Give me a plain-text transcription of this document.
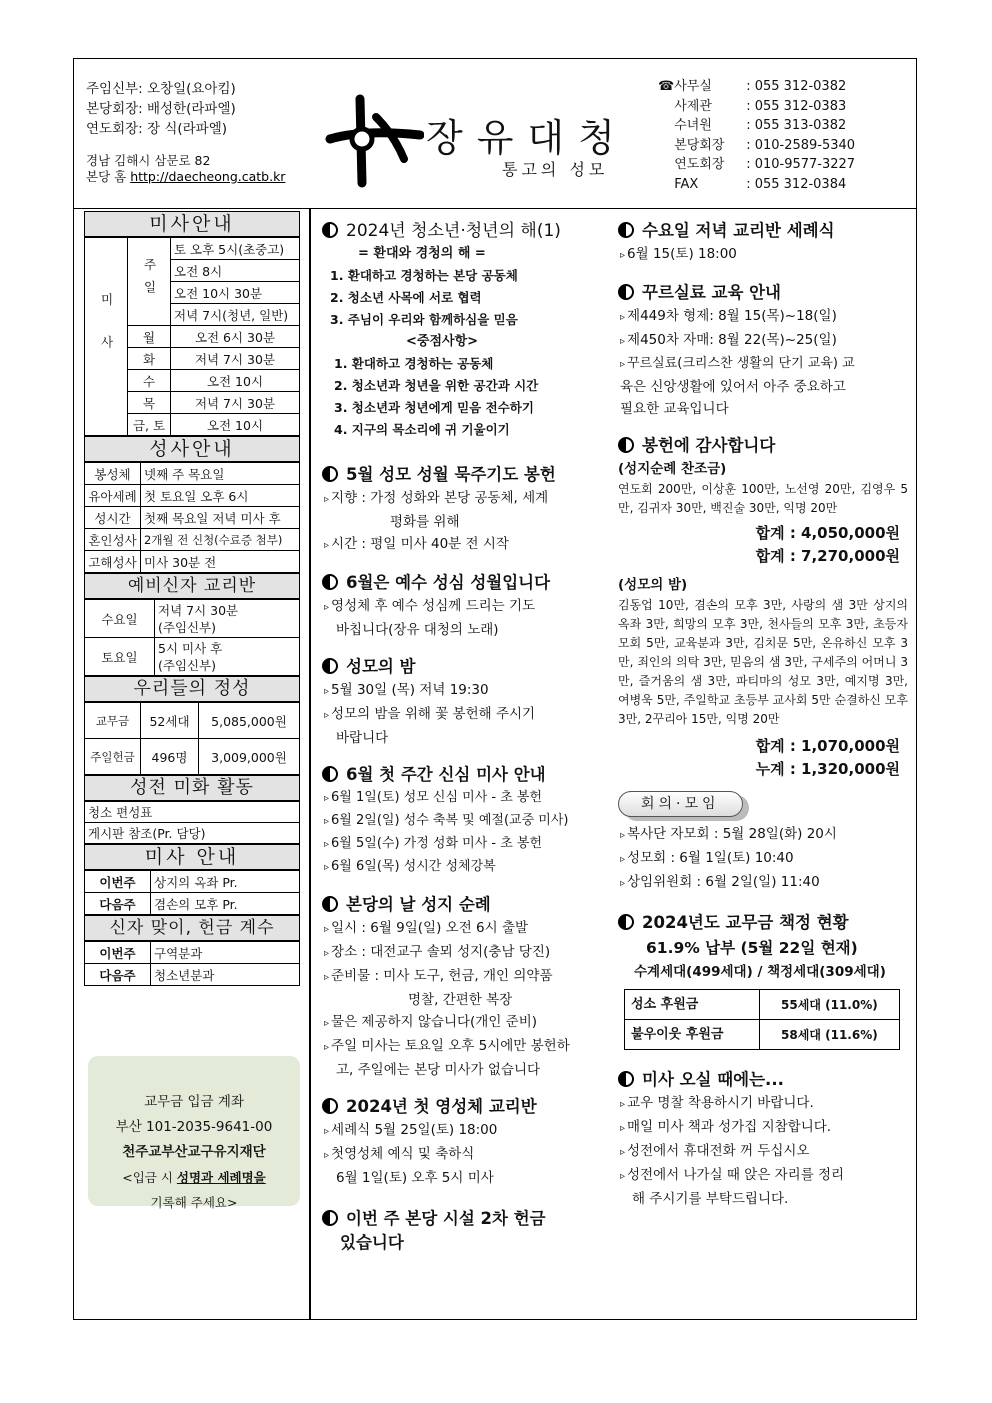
주임신부: 오창일(요아킴)
본당회장: 배성한(라파엘)
연도회장: 장 식(라파엘)
경남 김해시 삼문로 82
본당 홈 http://daecheong.catb.kr
장유대청
통고의 성모
☎	사무실	: 055 312-0382
	사제관	: 055 312-0383
	수녀원	: 055 313-0382
	본당회장	: 010-2589-5340
	연도회장	: 010-9577-3227
	FAX	: 055 312-0384
미사안내
미사	주일	토 오후 5시(초중고)
		오전 8시
		오전 10시 30분
		저녁 7시(청년, 일반)
	월	오전 6시 30분
	화	저녁 7시 30분
	수	오전 10시
	목	저녁 7시 30분
	금, 토	오전 10시
성사안내
봉성체	넷째 주 목요일
유아세례	첫 토요일 오후 6시
성시간	첫째 목요일 저녁 미사 후
혼인성사	2개월 전 신청(수료증 첨부)
고해성사	미사 30분 전
예비신자 교리반
수요일	저녁 7시 30분
(주임신부)

토요일	5시 미사 후
(주임신부)
우리들의 정성
교무금	52세대	5,085,000원
주일헌금	496명	3,009,000원
성전 미화 활동
청소 편성표
게시판 참조(Pr. 담당)
미사 안내
이번주	상지의 옥좌 Pr.
다음주	겸손의 모후 Pr.
신자 맞이, 헌금 계수
이번주	구역분과
다음주	청소년분과
교무금 입금 계좌
부산 101-2035-9641-00
천주교부산교구유지재단
<입금 시 성명과 세례명을
기록해 주세요>
2024년 청소년·청년의 해(1)
= 환대와 경청의 해 =
1. 환대하고 경청하는 본당 공동체
2. 청소년 사목에 서로 협력
3. 주님이 우리와 함께하심을 믿음
<중점사항>
1. 환대하고 경청하는 공동체
2. 청소년과 청년을 위한 공간과 시간
3. 청소년과 청년에게 믿음 전수하기
4. 지구의 목소리에 귀 기울이기
5월 성모 성월 묵주기도 봉헌
▹ 지향 : 가정 성화와 본당 공동체, 세계
평화를 위해
▹ 시간 : 평일 미사 40분 전 시작
6월은 예수 성심 성월입니다
▹ 영성체 후 예수 성심께 드리는 기도
바칩니다(장유 대청의 노래)
성모의 밤
▹ 5월 30일 (목) 저녁 19:30
▹ 성모의 밤을 위해 꽃 봉헌해 주시기
바랍니다
6월 첫 주간 신심 미사 안내
▹ 6월 1일(토) 성모 신심 미사 - 초 봉헌
▹ 6월 2일(일) 성수 축복 및 예절(교중 미사)
▹ 6월 5일(수) 가정 성화 미사 - 초 봉헌
▹ 6월 6일(목) 성시간 성체강복
본당의 날 성지 순례
▹ 일시 : 6월 9일(일) 오전 6시 출발
▹ 장소 : 대전교구 솔뫼 성지(충남 당진)
▹ 준비물 : 미사 도구, 헌금, 개인 의약품
명찰, 간편한 복장
▹ 물은 제공하지 않습니다(개인 준비)
▹ 주일 미사는 토요일 오후 5시에만 봉헌하
고, 주일에는 본당 미사가 없습니다
2024년 첫 영성체 교리반
▹ 세례식 5월 25일(토) 18:00
▹ 첫영성체 예식 및 축하식
6월 1일(토) 오후 5시 미사
이번 주 본당 시설 2차 헌금
있습니다
수요일 저녁 교리반 세례식
▹ 6월 15(토) 18:00
꾸르실료 교육 안내
▹ 제449차 형제: 8월 15(목)~18(일)
▹ 제450차 자매: 8월 22(목)~25(일)
▹ 꾸르실료(크리스찬 생활의 단기 교육) 교
육은 신앙생활에 있어서 아주 중요하고
필요한 교육입니다
봉헌에 감사합니다
(성지순례 찬조금)
연도회 200만, 이상훈 100만, 노선영 20만, 김영우 5만, 김귀자 30만, 백진술 30만, 익명 20만
합계 : 4,050,000원
합계 : 7,270,000원
(성모의 밤)
김동업 10만, 겸손의 모후 3만, 사랑의 샘 3만 상지의 옥좌 3만, 희망의 모후 3만, 천사들의 모후 3만, 초등자모회 5만, 교육분과 3만, 김치문 5만, 온유하신 모후 3만, 죄인의 의탁 3만, 믿음의 샘 3만, 구세주의 어머니 3만, 즐거움의 샘 3만, 파티마의 성모 3만, 예지명 3만, 여병욱 5만, 주일학교 초등부 교사회 5만 순결하신 모후 3만, 2꾸리아 15만, 익명 20만
합계 : 1,070,000원
누계 : 1,320,000원
회의·모임
▹ 복사단 자모회 : 5월 28일(화) 20시
▹ 성모회 : 6월 1일(토) 10:40
▹ 상임위원회 : 6월 2일(일) 11:40
2024년도 교무금 책정 현황
61.9% 납부 (5월 22일 현재)
수계세대(499세대) / 책정세대(309세대)
성소 후원금	55세대 (11.0%)
불우이웃 후원금	58세대 (11.6%)
미사 오실 때에는...
▹ 교우 명찰 착용하시기 바랍니다.
▹ 매일 미사 책과 성가집 지참합니다.
▹ 성전에서 휴대전화 꺼 두십시오
▹ 성전에서 나가실 때 앉은 자리를 정리
해 주시기를 부탁드립니다.
